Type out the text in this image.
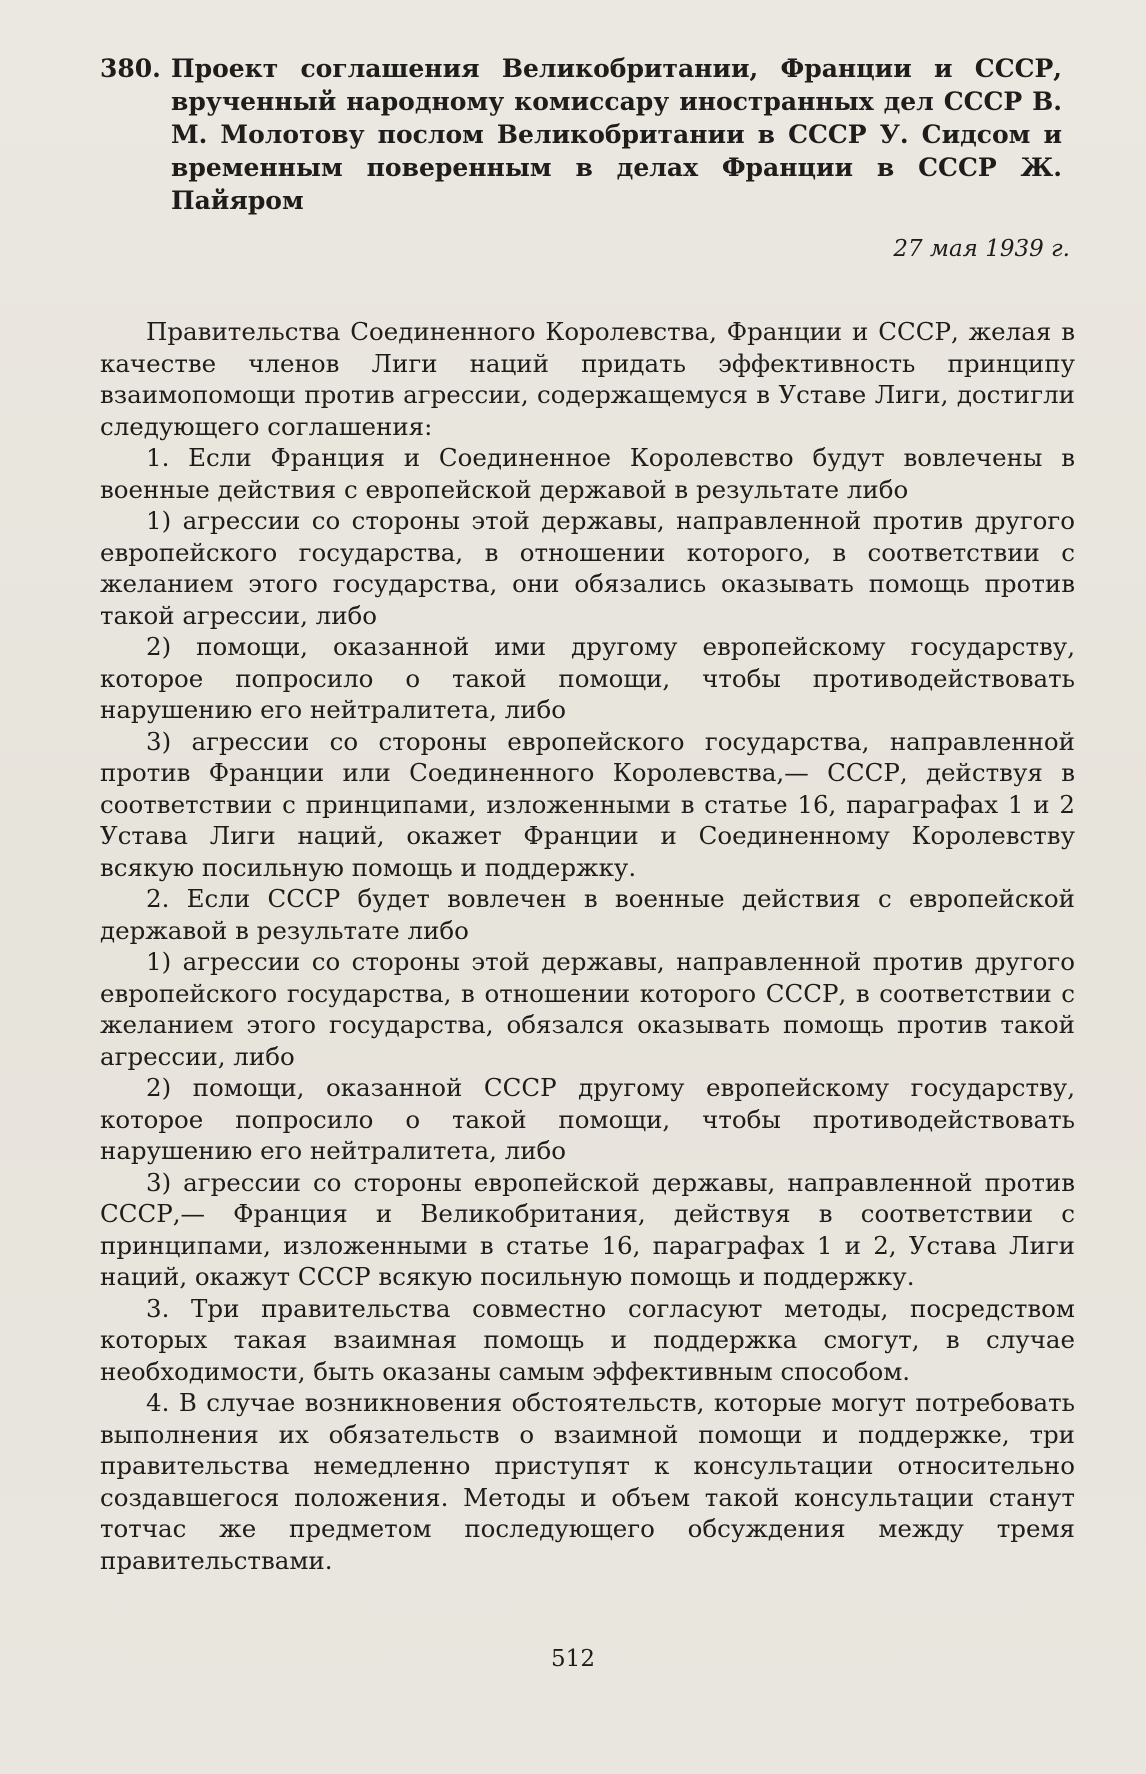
380. Проект соглашения Великобритании, Франции и СССР, врученный народному комиссару иностранных дел СССР В. М. Молотову послом Великобритании в СССР У. Сидсом и временным поверенным в делах Франции в СССР Ж. Пайяром
27 мая 1939 г.

Правительства Соединенного Королевства, Франции и СССР, желая в качестве членов Лиги наций придать эффективность принципу взаимопомощи против агрессии, содержащемуся в Уставе Лиги, достигли следующего соглашения:

1. Если Франция и Соединенное Королевство будут вовлечены в военные действия с европейской державой в результате либо

1) агрессии со стороны этой державы, направленной против другого европейского государства, в отношении которого, в соответствии с желанием этого государства, они обязались оказывать помощь против такой агрессии, либо

2) помощи, оказанной ими другому европейскому государству, которое попросило о такой помощи, чтобы противодействовать нарушению его нейтралитета, либо

3) агрессии со стороны европейского государства, направленной против Франции или Соединенного Королевства,— СССР, действуя в соответствии с принципами, изложенными в статье 16, параграфах 1 и 2 Устава Лиги наций, окажет Франции и Соединенному Королевству всякую посильную помощь и поддержку.

2. Если СССР будет вовлечен в военные действия с европейской державой в результате либо

1) агрессии со стороны этой державы, направленной против другого европейского государства, в отношении которого СССР, в соответствии с желанием этого государства, обязался оказывать помощь против такой агрессии, либо

2) помощи, оказанной СССР другому европейскому государству, которое попросило о такой помощи, чтобы противодействовать нарушению его нейтралитета, либо

3) агрессии со стороны европейской державы, направленной против СССР,— Франция и Великобритания, действуя в соответствии с принципами, изложенными в статье 16, параграфах 1 и 2, Устава Лиги наций, окажут СССР всякую посильную помощь и поддержку.

3. Три правительства совместно согласуют методы, посредством которых такая взаимная помощь и поддержка смогут, в случае необходимости, быть оказаны самым эффективным способом.

4. В случае возникновения обстоятельств, которые могут потребовать выполнения их обязательств о взаимной помощи и поддержке, три правительства немедленно приступят к консультации относительно создавшегося положения. Методы и объем такой консультации станут тотчас же предметом последующего обсуждения между тремя правительствами.

512
